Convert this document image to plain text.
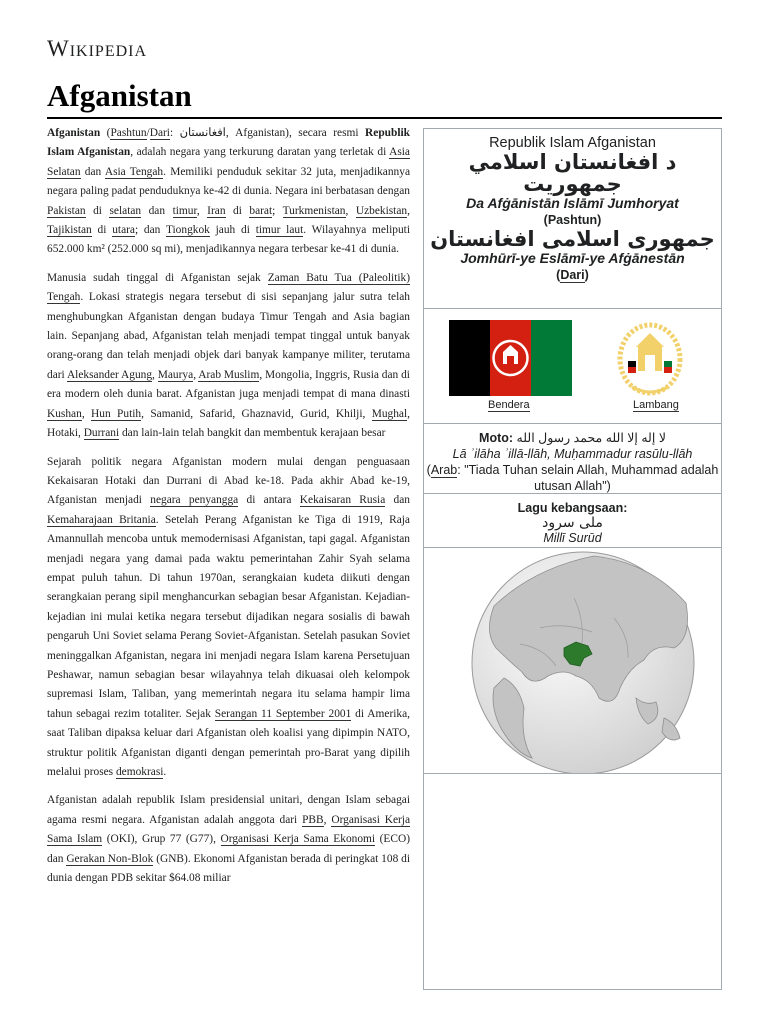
Wikipedia
Afganistan

Afganistan (Pashtun/Dari: افغانستان, Afganistan), secara resmi Republik Islam Afganistan, adalah negara yang terkurung daratan yang terletak di Asia Selatan dan Asia Tengah. Memiliki penduduk sekitar 32 juta, menjadikannya negara paling padat penduduknya ke-42 di dunia. Negara ini berbatasan dengan Pakistan di selatan dan timur, Iran di barat; Turkmenistan, Uzbekistan, Tajikistan di utara; dan Tiongkok jauh di timur laut. Wilayahnya meliputi 652.000 km² (252.000 sq mi), menjadikannya negara terbesar ke-41 di dunia.

Manusia sudah tinggal di Afganistan sejak Zaman Batu Tua (Paleolitik) Tengah. Lokasi strategis negara tersebut di sisi sepanjang jalur sutra telah menghubungkan Afganistan dengan budaya Timur Tengah and Asia bagian lain. Sepanjang abad, Afganistan telah menjadi tempat tinggal untuk banyak orang-orang dan telah menjadi objek dari banyak kampanye militer, terutama dari Aleksander Agung, Maurya, Arab Muslim, Mongolia, Inggris, Rusia dan di era modern oleh dunia barat. Afganistan juga menjadi tempat di mana dinasti Kushan, Hun Putih, Samanid, Safarid, Ghaznavid, Gurid, Khilji, Mughal, Hotaki, Durrani dan lain-lain telah bangkit dan membentuk kerajaan besar

Sejarah politik negara Afganistan modern mulai dengan penguasaan Kekaisaran Hotaki dan Durrani di Abad ke-18. Pada akhir Abad ke-19, Afganistan menjadi negara penyangga di antara Kekaisaran Rusia dan Kemaharajaan Britania. Setelah Perang Afganistan ke Tiga di 1919, Raja Amannullah mencoba untuk memodernisasi Afganistan, tapi gagal. Afganistan menjadi negara yang damai pada waktu pemerintahan Zahir Syah selama empat puluh tahun. Di tahun 1970an, serangkaian kudeta diikuti dengan serangkaian perang sipil menghancurkan sebagian besar Afganistan. Kejadian-kejadian ini mulai ketika negara tersebut dijadikan negara sosialis di bawah pengaruh Uni Soviet selama Perang Soviet-Afganistan. Setelah pasukan Soviet meninggalkan Afganistan, negara ini menjadi negara Islam karena Persetujuan Peshawar, namun sebagian besar wilayahnya telah dikuasai oleh kelompok supremasi Islam, Taliban, yang memerintah negara itu selama hampir lima tahun sebagai rezim totaliter. Sejak Serangan 11 September 2001 di Amerika, saat Taliban dipaksa keluar dari Afganistan oleh koalisi yang dipimpin NATO, struktur politik Afganistan diganti dengan pemerintah pro-Barat yang dipilih melalui proses demokrasi.

Afganistan adalah republik Islam presidensial unitari, dengan Islam sebagai agama resmi negara. Afganistan adalah anggota dari PBB, Organisasi Kerja Sama Islam (OKI), Grup 77 (G77), Organisasi Kerja Sama Ekonomi (ECO) dan Gerakan Non-Blok (GNB). Ekonomi Afganistan berada di peringkat 108 di dunia dengan PDB sekitar $64.08 miliar

Republik Islam Afganistan
د افغانستان اسلامي جمهوريت
Da Afġānistān Islāmī Jumhoryat
(Pashtun)
جمهوری اسلامی افغانستان
Jomhūrī-ye Eslāmī-ye Afġānestān
(Dari)
Bendera	Lambang
Moto: لا إله إلا الله محمد رسول الله
Lā ʾilāha ʾillā-llāh, Muḥammadur rasūlu-llāh
(Arab: "Tiada Tuhan selain Allah, Muhammad adalah utusan Allah")
Lagu kebangsaan:
ملی سرود
Millī Surūd
